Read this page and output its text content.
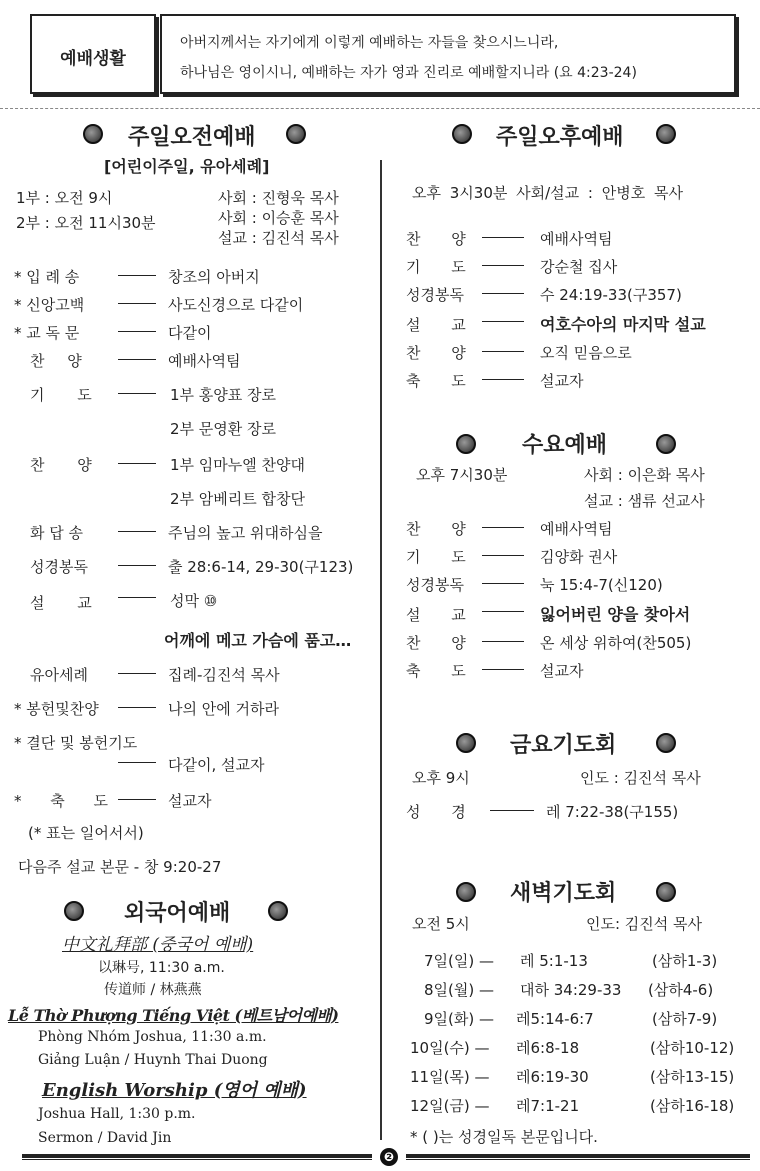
예배생활
아버지께서는 자기에게 이렇게 예배하는 자들을 찾으시느니라,
하나님은 영이시니, 예배하는 자가 영과 진리로 예배할지니라 (요 4:23-24)
주일오전예배
[어린이주일, 유아세례]
1부 : 오전 9시
2부 : 오전 11시30분
사회 : 진형욱 목사
사회 : 이승훈 목사
설교 : 김진석 목사
* 입 례 송	창조의 아버지
* 신앙고백	사도신경으로 다같이
* 교 독 문	다같이
찬 양	예배사역팀
기 도	1부 홍양표 장로
2부 문영환 장로
찬 양	1부 임마누엘 찬양대
2부 암베리트 합창단
화 답 송	주님의 높고 위대하심을
성경봉독	출 28:6-14, 29-30(구123)
설 교	성막 ⑩
어깨에 메고 가슴에 품고…
유아세례	집례-김진석 목사
* 봉헌및찬양	나의 안에 거하라
* 결단 및 봉헌기도
다같이, 설교자
* 축 도	설교자
(* 표는 일어서서)
다음주 설교 본문 - 창 9:20-27
외국어예배
中文礼拜部 (중국어 예배)
以琳号, 11:30 a.m.
传道师 / 林燕燕
Lễ Thờ Phượng Tiếng Việt (베트남어예배)
Phòng Nhóm Joshua, 11:30 a.m.
Giảng Luận / Huynh Thai Duong
English Worship (영어 예배)
Joshua Hall, 1:30 p.m.
Sermon / David Jin
주일오후예배
오후 3시30분 사회/설교 : 안병호 목사
찬 양	예배사역팀
기 도	강순철 집사
성경봉독	수 24:19-33(구357)
설 교	여호수아의 마지막 설교
찬 양	오직 믿음으로
축 도	설교자
수요예배
오후 7시30분	사회 : 이은화 목사
설교 : 샘류 선교사
찬 양	예배사역팀
기 도	김양화 권사
성경봉독	눅 15:4-7(신120)
설 교	잃어버린 양을 찾아서
찬 양	온 세상 위하여(찬505)
축 도	설교자
금요기도회
오후 9시	인도 : 김진석 목사
성 경	레 7:22-38(구155)
새벽기도회
오전 5시	인도: 김진석 목사
7일(일) — 레 5:1-13	(삼하1-3)
8일(월) — 대하 34:29-33 (삼하4-6)
9일(화) — 레5:14-6:7	(삼하7-9)
10일(수) — 레6:8-18	(삼하10-12)
11일(목) — 레6:19-30	(삼하13-15)
12일(금) — 레7:1-21	(삼하16-18)
* ( )는 성경일독 본문입니다.
❷
